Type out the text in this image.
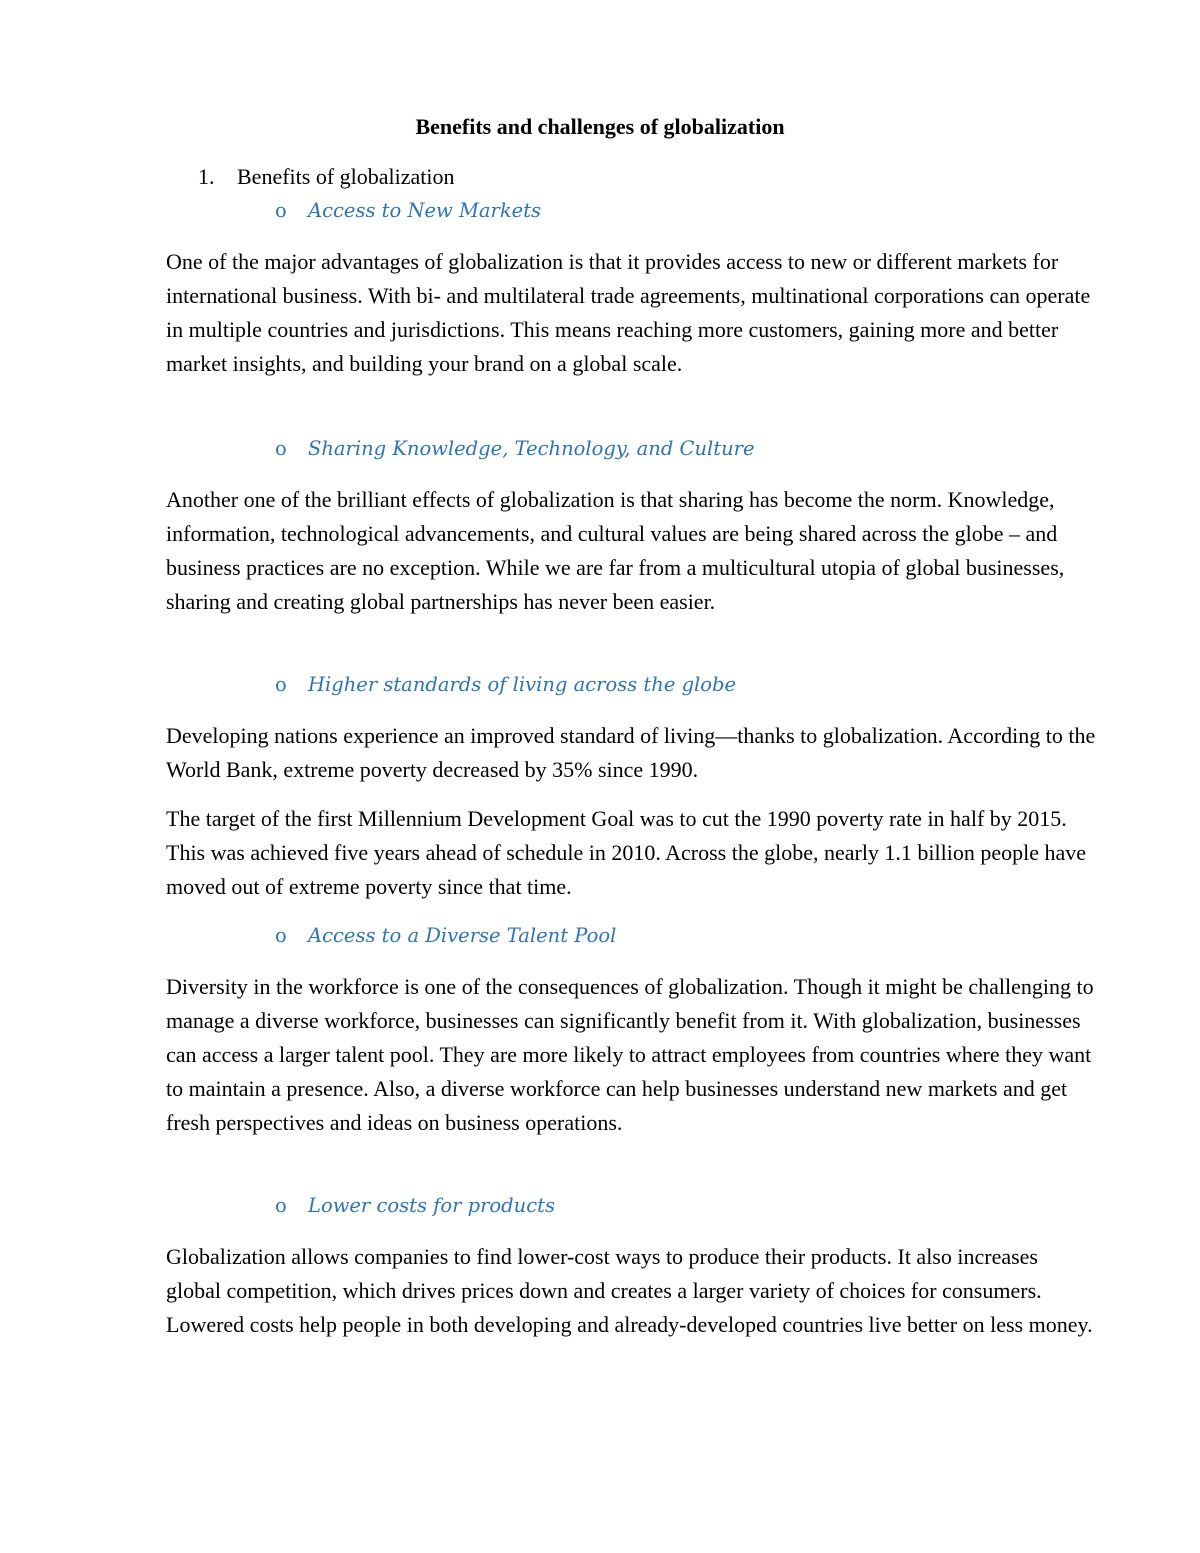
Benefits and challenges of globalization
1. Benefits of globalization
o Access to New Markets

One of the major advantages of globalization is that it provides access to new or different markets for international business. With bi- and multilateral trade agreements, multinational corporations can operate in multiple countries and jurisdictions. This means reaching more customers, gaining more and better market insights, and building your brand on a global scale.

o Sharing Knowledge, Technology, and Culture

Another one of the brilliant effects of globalization is that sharing has become the norm. Knowledge, information, technological advancements, and cultural values are being shared across the globe – and business practices are no exception. While we are far from a multicultural utopia of global businesses, sharing and creating global partnerships has never been easier.

o Higher standards of living across the globe

Developing nations experience an improved standard of living—thanks to globalization. According to the World Bank, extreme poverty decreased by 35% since 1990.

The target of the first Millennium Development Goal was to cut the 1990 poverty rate in half by 2015. This was achieved five years ahead of schedule in 2010. Across the globe, nearly 1.1 billion people have moved out of extreme poverty since that time.

o Access to a Diverse Talent Pool

Diversity in the workforce is one of the consequences of globalization. Though it might be challenging to manage a diverse workforce, businesses can significantly benefit from it. With globalization, businesses can access a larger talent pool. They are more likely to attract employees from countries where they want to maintain a presence. Also, a diverse workforce can help businesses understand new markets and get fresh perspectives and ideas on business operations.

o Lower costs for products

Globalization allows companies to find lower-cost ways to produce their products. It also increases global competition, which drives prices down and creates a larger variety of choices for consumers. Lowered costs help people in both developing and already-developed countries live better on less money.
